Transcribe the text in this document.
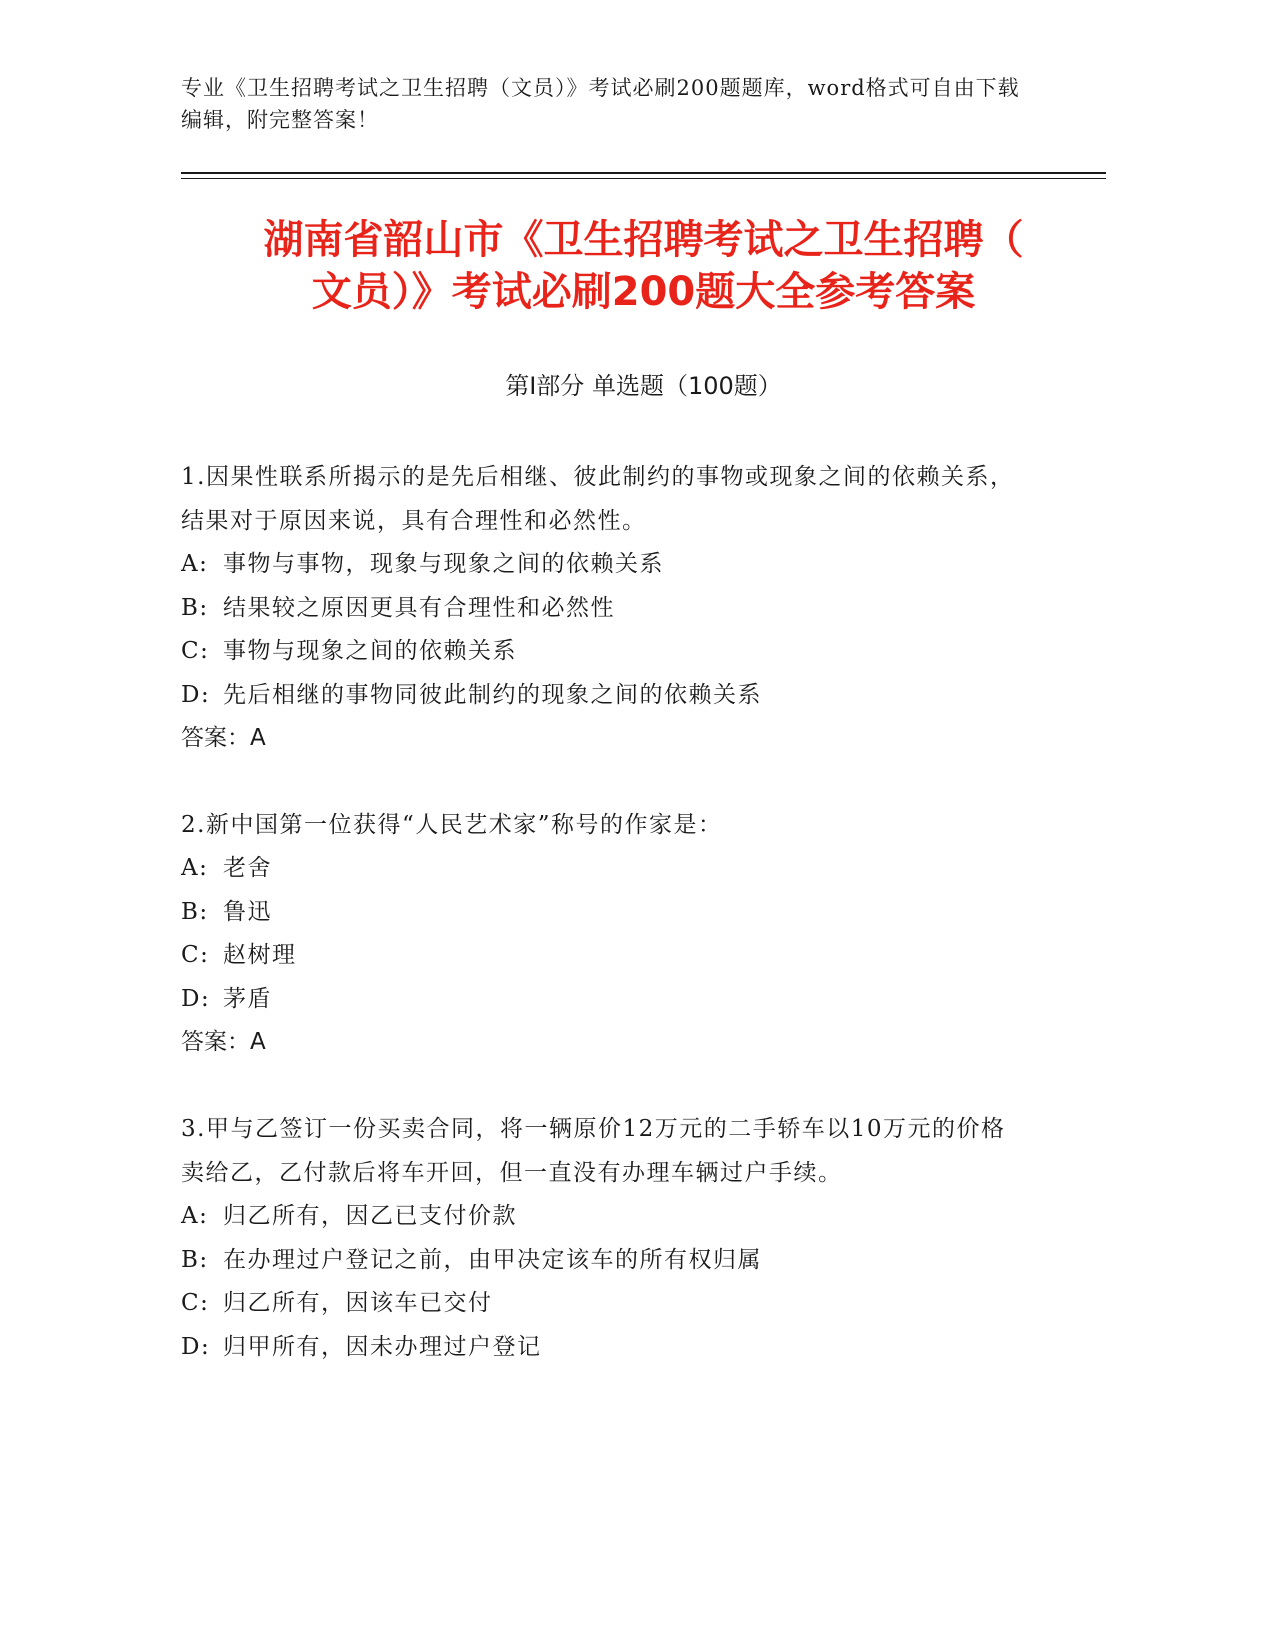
专业《卫生招聘考试之卫生招聘（文员）》考试必刷200题题库，word格式可自由下载编辑，附完整答案！
湖南省韶山市《卫生招聘考试之卫生招聘（
文员）》考试必刷200题大全参考答案
第Ⅰ部分 单选题（100题）

1.因果性联系所揭示的是先后相继、彼此制约的事物或现象之间的依赖关系，结果对于原因来说，具有合理性和必然性。

A: 事物与事物，现象与现象之间的依赖关系

B: 结果较之原因更具有合理性和必然性

C: 事物与现象之间的依赖关系

D: 先后相继的事物同彼此制约的现象之间的依赖关系

答案：A

2.新中国第一位获得“人民艺术家”称号的作家是：

A: 老舍

B: 鲁迅

C: 赵树理

D: 茅盾

答案：A

3.甲与乙签订一份买卖合同，将一辆原价12万元的二手轿车以10万元的价格卖给乙，乙付款后将车开回，但一直没有办理车辆过户手续。

A: 归乙所有，因乙已支付价款

B: 在办理过户登记之前，由甲决定该车的所有权归属

C: 归乙所有，因该车已交付

D: 归甲所有，因未办理过户登记
